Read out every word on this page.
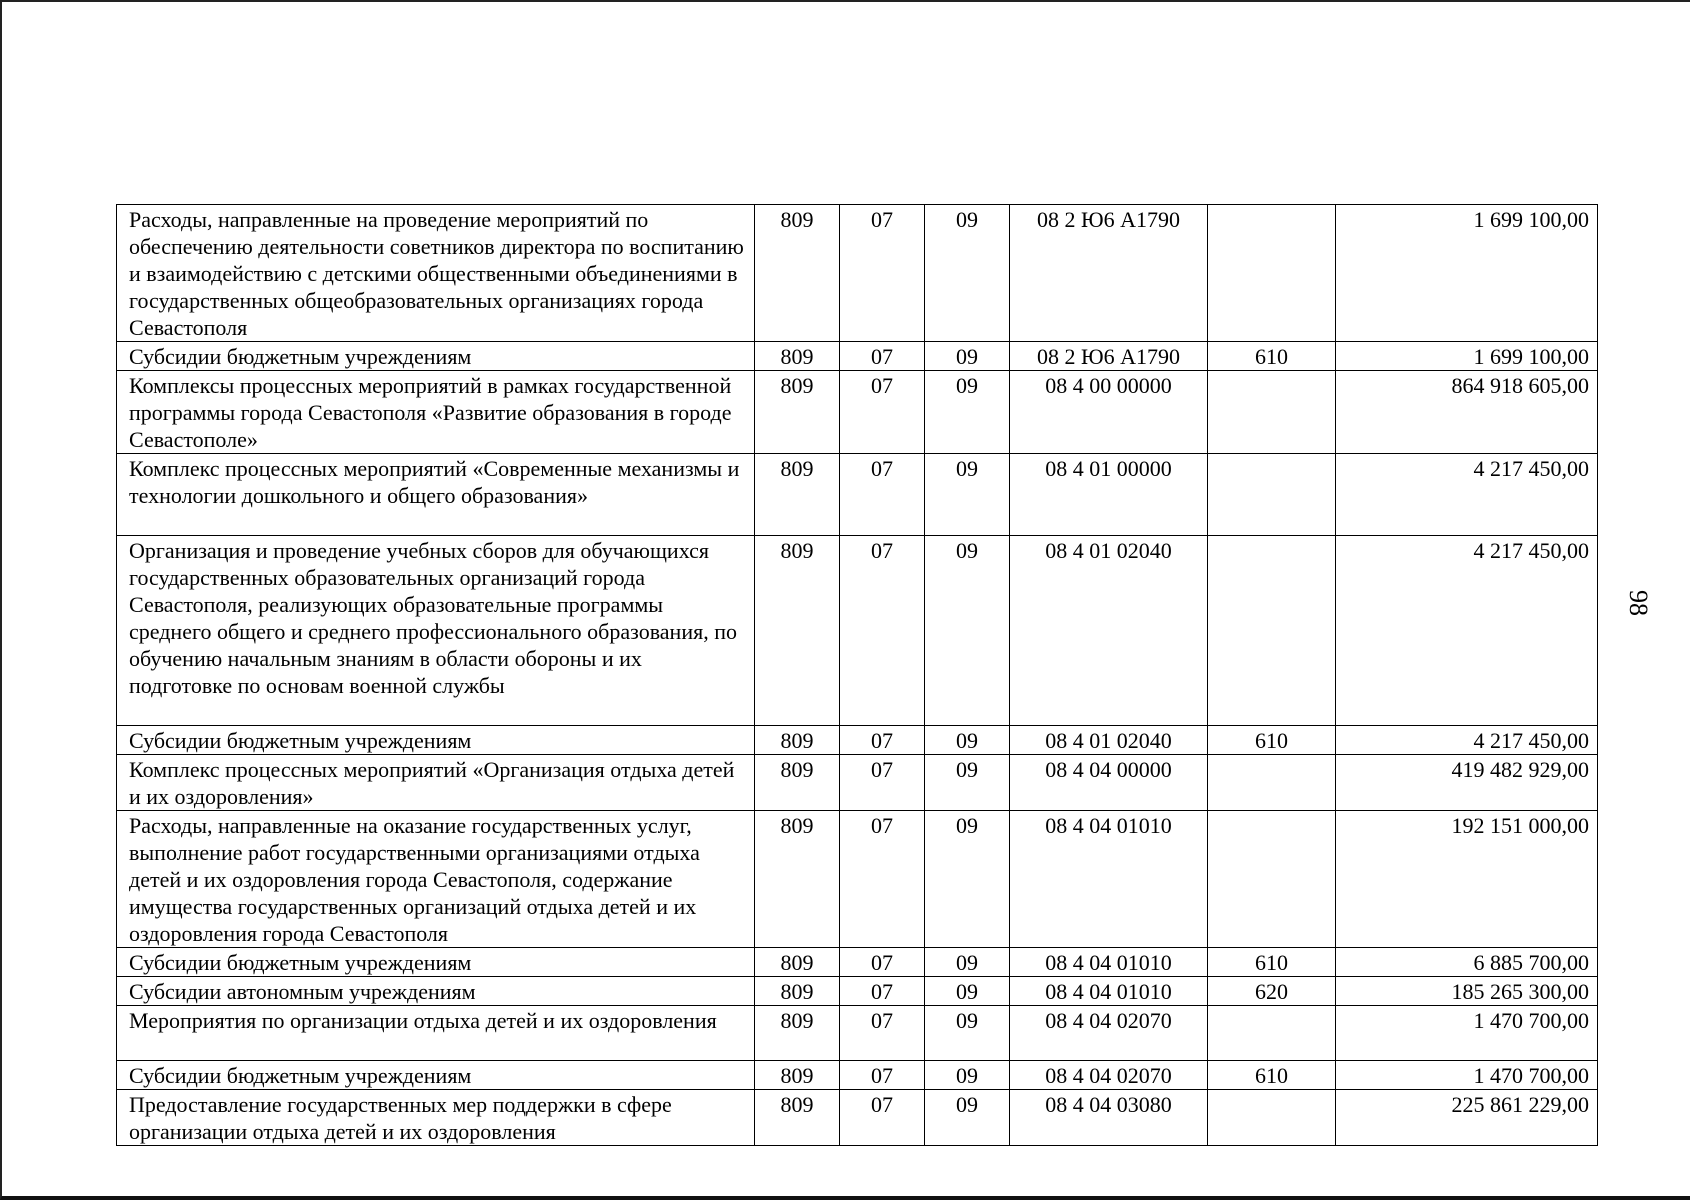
Расходы, направленные на проведение мероприятий по обеспечению деятельности советников директора по воспитанию и взаимодействию с детскими общественными объединениями в государственных общеобразовательных организациях города Севастополя	809	07	09	08 2 Ю6 А1790		1 699 100,00
Субсидии бюджетным учреждениям	809	07	09	08 2 Ю6 А1790	610	1 699 100,00
Комплексы процессных мероприятий в рамках государственной программы города Севастополя «Развитие образования в городе Севастополе»	809	07	09	08 4 00 00000		864 918 605,00
Комплекс процессных мероприятий «Современные механизмы и технологии дошкольного и общего образования»	809	07	09	08 4 01 00000		4 217 450,00
Организация и проведение учебных сборов для обучающихся государственных образовательных организаций города Севастополя, реализующих образовательные программы среднего общего и среднего профессионального образования, по обучению начальным знаниям в области обороны и их подготовке по основам военной службы	809	07	09	08 4 01 02040		4 217 450,00
Субсидии бюджетным учреждениям	809	07	09	08 4 01 02040	610	4 217 450,00
Комплекс процессных мероприятий «Организация отдыха детей и их оздоровления»	809	07	09	08 4 04 00000		419 482 929,00
Расходы, направленные на оказание государственных услуг, выполнение работ государственными организациями отдыха детей и их оздоровления города Севастополя, содержание имущества государственных организаций отдыха детей и их оздоровления города Севастополя	809	07	09	08 4 04 01010		192 151 000,00
Субсидии бюджетным учреждениям	809	07	09	08 4 04 01010	610	6 885 700,00
Субсидии автономным учреждениям	809	07	09	08 4 04 01010	620	185 265 300,00
Мероприятия по организации отдыха детей и их оздоровления	809	07	09	08 4 04 02070		1 470 700,00
Субсидии бюджетным учреждениям	809	07	09	08 4 04 02070	610	1 470 700,00
Предоставление государственных мер поддержки в сфере организации отдыха детей и их оздоровления	809	07	09	08 4 04 03080		225 861 229,00
98
